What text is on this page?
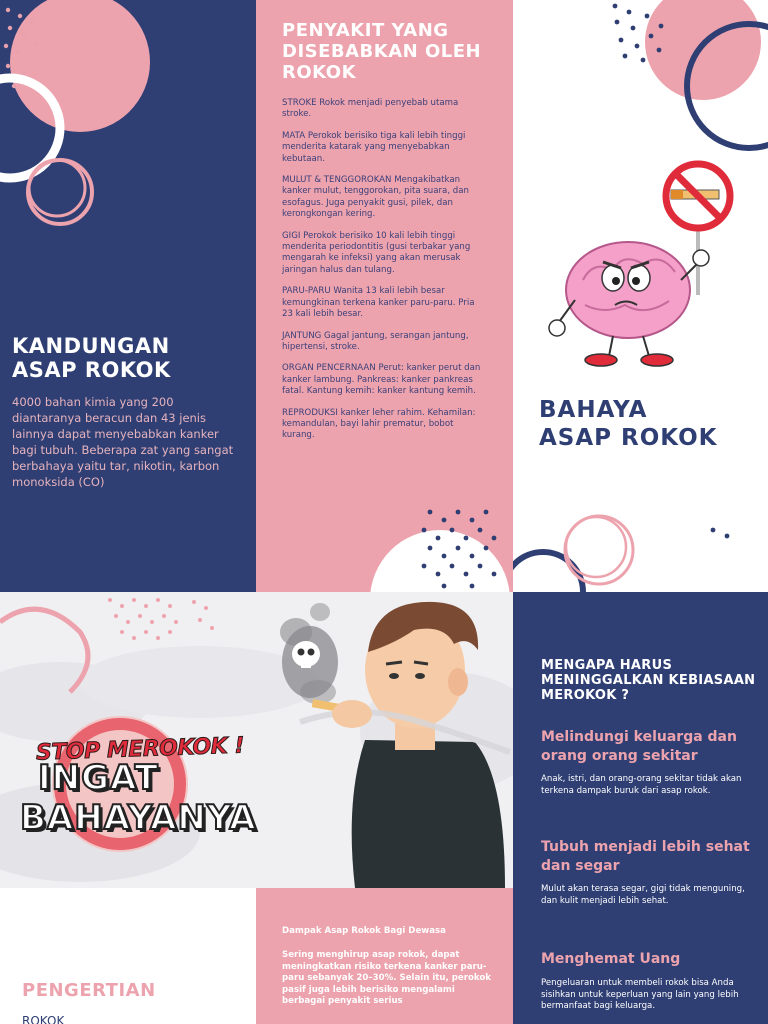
KANDUNGAN
ASAP ROKOK
4000 bahan kimia yang 200 diantaranya beracun dan 43 jenis lainnya dapat menyebabkan kanker bagi tubuh. Beberapa zat yang sangat berbahaya yaitu tar, nikotin, karbon monoksida (CO)
PENYAKIT YANG DISEBABKAN OLEH ROKOK

STROKE Rokok menjadi penyebab utama stroke.

MATA Perokok berisiko tiga kali lebih tinggi menderita katarak yang menyebabkan kebutaan.

MULUT & TENGGOROKAN Mengakibatkan kanker mulut, tenggorokan, pita suara, dan esofagus. Juga penyakit gusi, pilek, dan kerongkongan kering.

GIGI Perokok berisiko 10 kali lebih tinggi menderita periodontitis (gusi terbakar yang mengarah ke infeksi) yang akan merusak jaringan halus dan tulang.

PARU-PARU Wanita 13 kali lebih besar kemungkinan terkena kanker paru-paru. Pria 23 kali lebih besar.

JANTUNG Gagal jantung, serangan jantung, hipertensi, stroke.

ORGAN PENCERNAAN Perut: kanker perut dan kanker lambung. Pankreas: kanker pankreas fatal. Kantung kemih: kanker kantung kemih.

REPRODUKSI kanker leher rahim. Kehamilan: kemandulan, bayi lahir prematur, bobot kurang.

BAHAYA
ASAP ROKOK
STOP MEROKOK !
INGAT
BAHAYANYA
PENGERTIAN
ROKOK
Dampak Asap Rokok Bagi Dewasa
Sering menghirup asap rokok, dapat meningkatkan risiko terkena kanker paru-paru sebanyak 20–30%. Selain itu, perokok pasif juga lebih berisiko mengalami berbagai penyakit serius
MENGAPA HARUS MENINGGALKAN KEBIASAAN MEROKOK ?
Melindungi keluarga dan orang orang sekitar
Anak, istri, dan orang-orang sekitar tidak akan terkena dampak buruk dari asap rokok.
Tubuh menjadi lebih sehat dan segar
Mulut akan terasa segar, gigi tidak menguning, dan kulit menjadi lebih sehat.
Menghemat Uang
Pengeluaran untuk membeli rokok bisa Anda sisihkan untuk keperluan yang lain yang lebih bermanfaat bagi keluarga.
